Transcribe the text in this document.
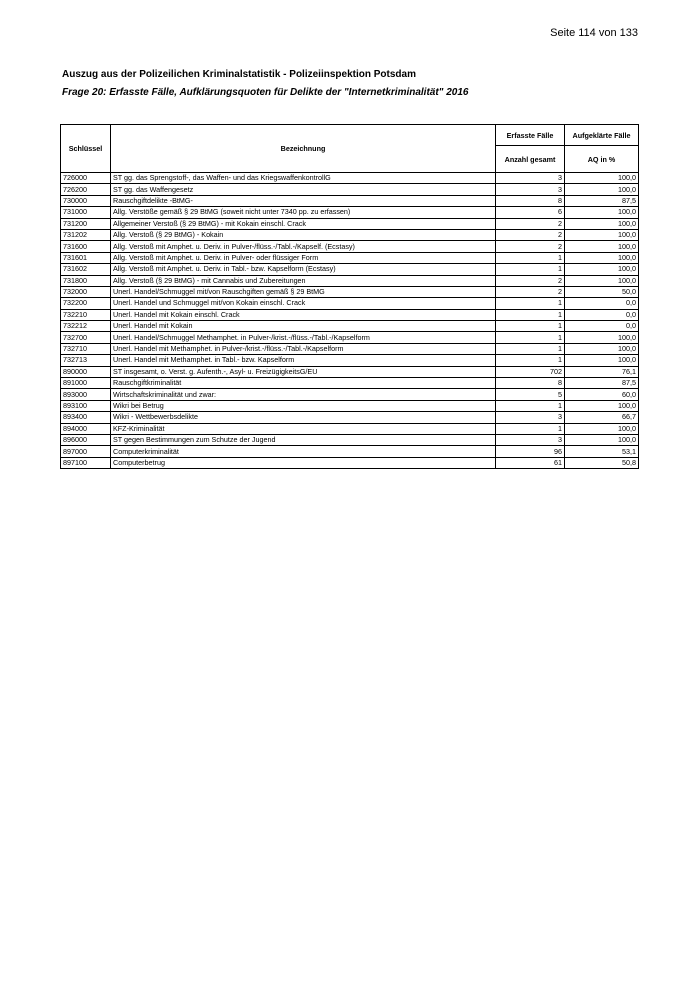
Seite 114 von 133
Auszug aus der Polizeilichen Kriminalstatistik - Polizeiinspektion Potsdam
Frage 20: Erfasste Fälle, Aufklärungsquoten für Delikte der "Internetkriminalität" 2016
Schlüssel	Bezeichnung	Erfasste Fälle	Aufgeklärte Fälle
		Anzahl gesamt	AQ in %
726000	ST gg. das Sprengstoff-, das Waffen- und das KriegswaffenkontrollG	3	100,0
726200	ST gg. das Waffengesetz	3	100,0
730000	Rauschgiftdelikte -BtMG-	8	87,5
731000	Allg. Verstöße gemäß § 29 BtMG (soweit nicht unter 7340 pp. zu erfassen)	6	100,0
731200	Allgemeiner Verstoß (§ 29 BtMG) - mit Kokain einschl. Crack	2	100,0
731202	Allg. Verstoß (§ 29 BtMG) - Kokain	2	100,0
731600	Allg. Verstoß mit Amphet. u. Deriv. in Pulver-/flüss.-/Tabl.-/Kapself. (Ecstasy)	2	100,0
731601	Allg. Verstoß mit Amphet. u. Deriv. in Pulver- oder flüssiger Form	1	100,0
731602	Allg. Verstoß mit Amphet. u. Deriv. in Tabl.- bzw. Kapselform (Ecstasy)	1	100,0
731800	Allg. Verstoß (§ 29 BtMG) - mit Cannabis und Zubereitungen	2	100,0
732000	Unerl. Handel/Schmuggel mit/von Rauschgiften gemäß § 29 BtMG	2	50,0
732200	Unerl. Handel und Schmuggel mit/von Kokain einschl. Crack	1	0,0
732210	Unerl. Handel mit Kokain einschl. Crack	1	0,0
732212	Unerl. Handel mit Kokain	1	0,0
732700	Unerl. Handel/Schmuggel Methamphet. in Pulver-/krist.-/flüss.-/Tabl.-/Kapselform	1	100,0
732710	Unerl. Handel mit Methamphet. in Pulver-/krist.-/flüss.-/Tabl.-/Kapselform	1	100,0
732713	Unerl. Handel mit Methamphet. in Tabl.- bzw. Kapselform	1	100,0
890000	ST insgesamt, o. Verst. g. Aufenth.-, Asyl- u. FreizügigkeitsG/EU	702	76,1
891000	Rauschgiftkriminalität	8	87,5
893000	Wirtschaftskriminalität und zwar:	5	60,0
893100	Wikri bei Betrug	1	100,0
893400	Wikri - Wettbewerbsdelikte	3	66,7
894000	KFZ-Kriminalität	1	100,0
896000	ST gegen Bestimmungen zum Schutze der Jugend	3	100,0
897000	Computerkriminalität	96	53,1
897100	Computerbetrug	61	50,8
